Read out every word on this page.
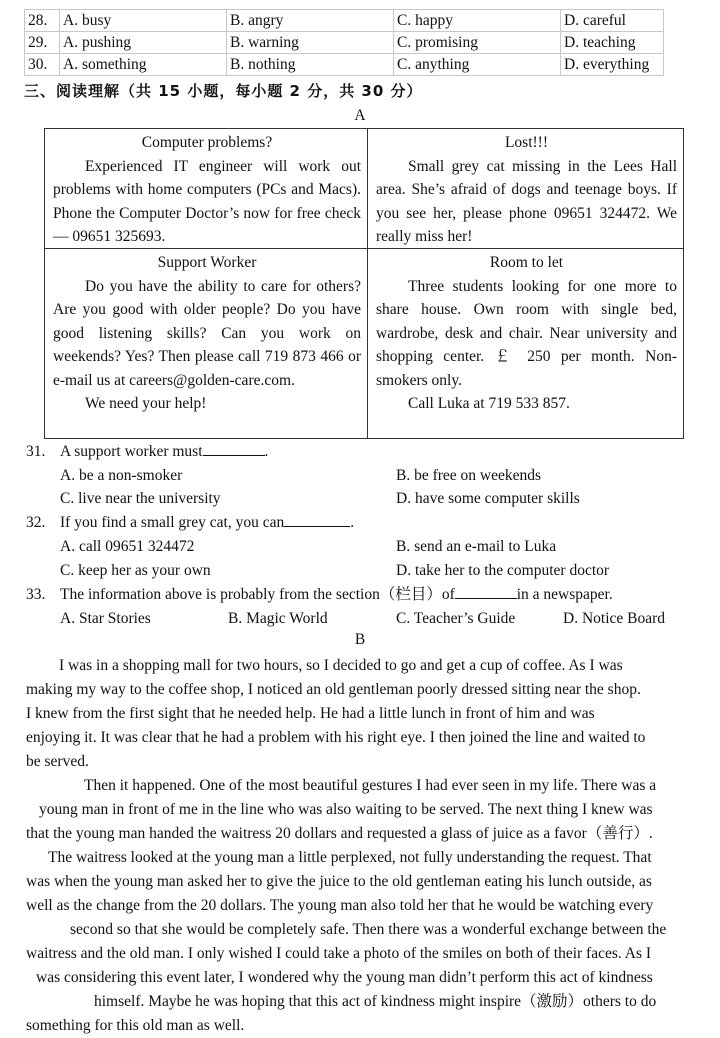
28.	A. busy	B. angry	C. happy	D. careful
29.	A. pushing	B. warning	C. promising	D. teaching
30.	A. something	B. nothing	C. anything	D. everything
三、阅读理解（共 15 小题，每小题 2 分，共 30 分）
A
Computer problems?

Experienced IT engineer will work out problems with home computers (PCs and Macs). Phone the Computer Doctor’s now for free check — 09651 325693.

Lost!!!

Small grey cat missing in the Lees Hall area. She’s afraid of dogs and teenage boys. If you see her, please phone 09651 324472. We really miss her!

Support Worker

Do you have the ability to care for others? Are you good with older people? Do you have good listening skills? Can you work on weekends? Yes? Then please call 719 873 466 or e-mail us at careers@golden-care.com.

We need your help!
Room to let

Three students looking for one more to share house. Own room with single bed, wardrobe, desk and chair. Near university and shopping center. ￡ 250 per month. Non-smokers only.

Call Luka at 719 533 857.
31. A support worker must	.
A. be a non-smoker	B. be free on weekends
C. live near the university	D. have some computer skills
32. If you find a small grey cat, you can	.
A. call 09651 324472	B. send an e-mail to Luka
C. keep her as your own	D. take her to the computer doctor
33. The information above is probably from the section（栏目）of	in a newspaper.
A. Star Stories	B. Magic World	C. Teacher’s Guide	D. Notice Board
B
I was in a shopping mall for two hours, so I decided to go and get a cup of coffee. As I was
making my way to the coffee shop, I noticed an old gentleman poorly dressed sitting near the shop.
I knew from the first sight that he needed help. He had a little lunch in front of him and was
enjoying it. It was clear that he had a problem with his right eye. I then joined the line and waited to
be served.
Then it happened. One of the most beautiful gestures I had ever seen in my life. There was a
young man in front of me in the line who was also waiting to be served. The next thing I knew was
that the young man handed the waitress 20 dollars and requested a glass of juice as a favor（善行）.
The waitress looked at the young man a little perplexed, not fully understanding the request. That
was when the young man asked her to give the juice to the old gentleman eating his lunch outside, as
well as the change from the 20 dollars. The young man also told her that he would be watching every
second so that she would be completely safe. Then there was a wonderful exchange between the
waitress and the old man. I only wished I could take a photo of the smiles on both of their faces. As I
was considering this event later, I wondered why the young man didn’t perform this act of kindness
himself. Maybe he was hoping that this act of kindness might inspire（激励）others to do
something for this old man as well.
